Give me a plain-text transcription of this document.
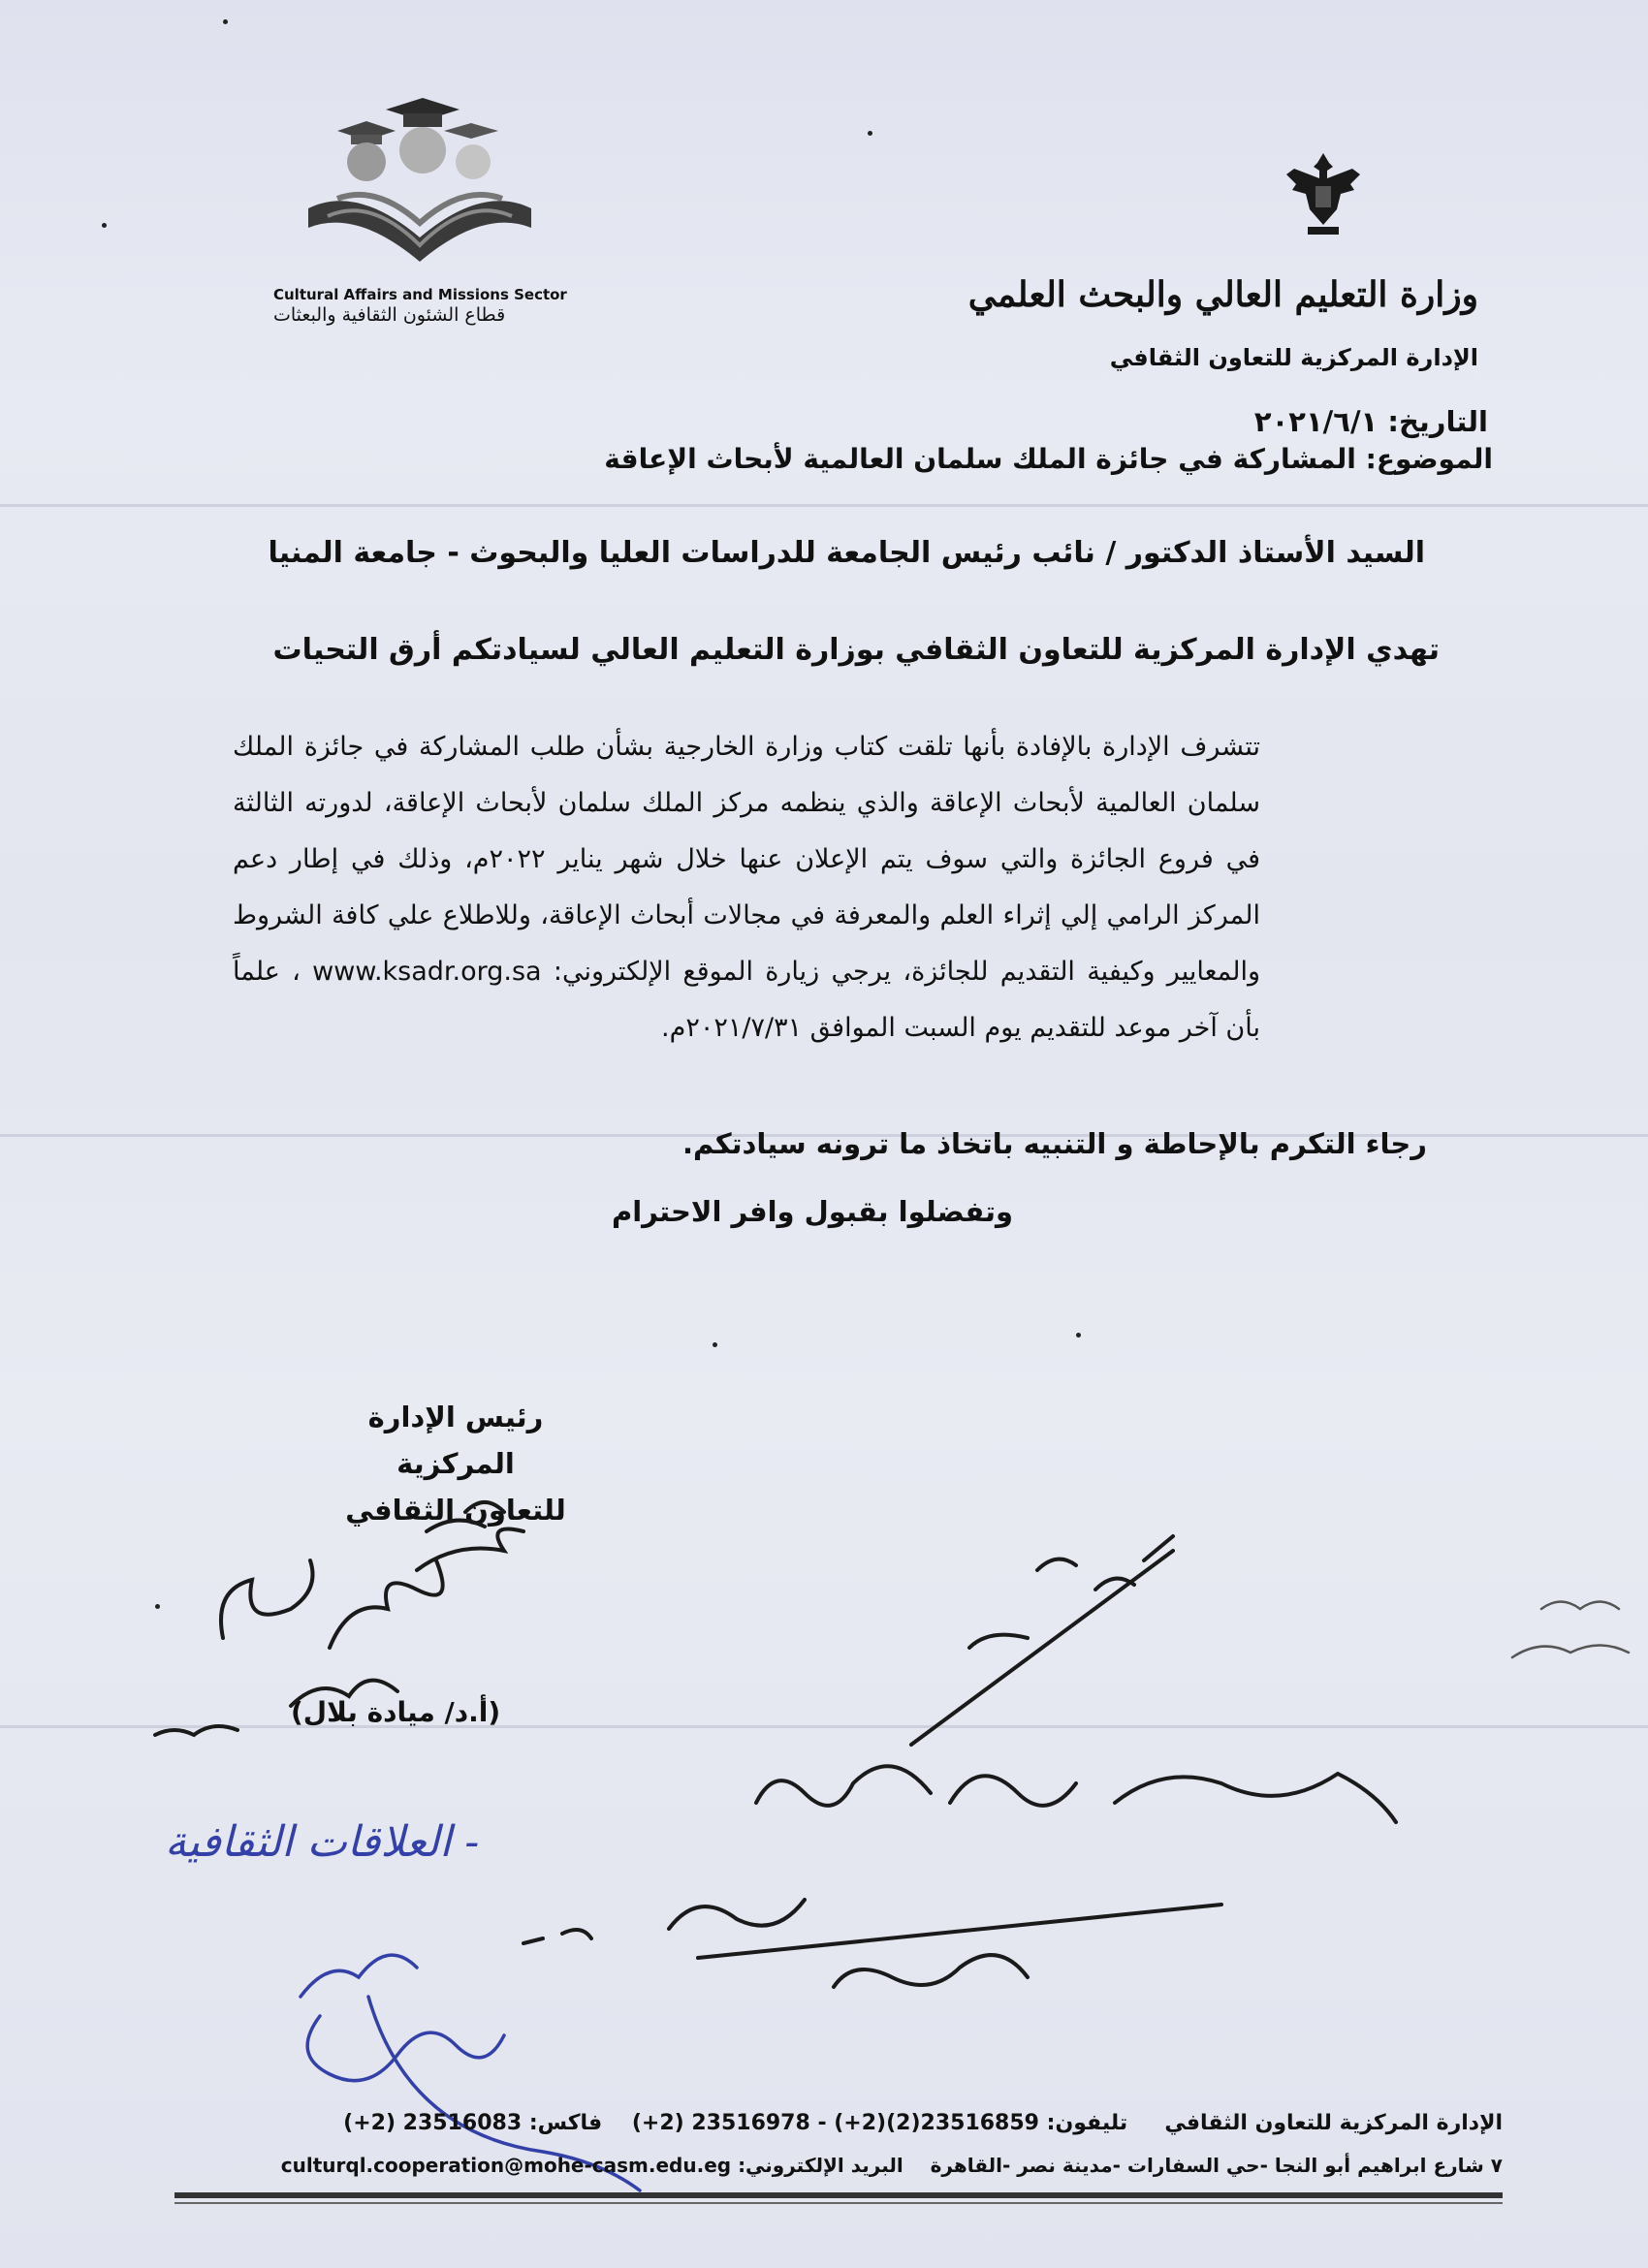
وزارة التعليم العالي والبحث العلمي
الإدارة المركزية للتعاون الثقافي
Cultural Affairs and Missions Sector
قطاع الشئون الثقافية والبعثات
التاريخ: ٢٠٢١/٦/١
الموضوع: المشاركة في جائزة الملك سلمان العالمية لأبحاث الإعاقة
السيد الأستاذ الدكتور / نائب رئيس الجامعة للدراسات العليا والبحوث - جامعة المنيا
تهدي الإدارة المركزية للتعاون الثقافي بوزارة التعليم العالي لسيادتكم أرق التحيات
تتشرف الإدارة بالإفادة بأنها تلقت كتاب وزارة الخارجية بشأن طلب المشاركة في جائزة الملك سلمان العالمية لأبحاث الإعاقة والذي ينظمه مركز الملك سلمان لأبحاث الإعاقة، لدورته الثالثة في فروع الجائزة والتي سوف يتم الإعلان عنها خلال شهر يناير ٢٠٢٢م، وذلك في إطار دعم المركز الرامي إلي إثراء العلم والمعرفة في مجالات أبحاث الإعاقة، وللاطلاع علي كافة الشروط والمعايير وكيفية التقديم للجائزة، يرجي زيارة الموقع الإلكتروني: www.ksadr.org.sa ، علماً بأن آخر موعد للتقديم يوم السبت الموافق ٢٠٢١/٧/٣١م.
رجاء التكرم بالإحاطة و التنبيه باتخاذ ما ترونه سيادتكم.
وتفضلوا بقبول وافر الاحترام
رئيس الإدارة المركزية
للتعاون الثقافي
(أ.د/ ميادة بلال)
- العلاقات الثقافية
الإدارة المركزية للتعاون الثقافي     تليفون: (+2) 23516978 - (+2)(2)23516859    فاكس: (+2) 23516083
٧ شارع ابراهيم أبو النجا -حي السفارات -مدينة نصر -القاهرة    البريد الإلكتروني: culturql.cooperation@mohe-casm.edu.eg
